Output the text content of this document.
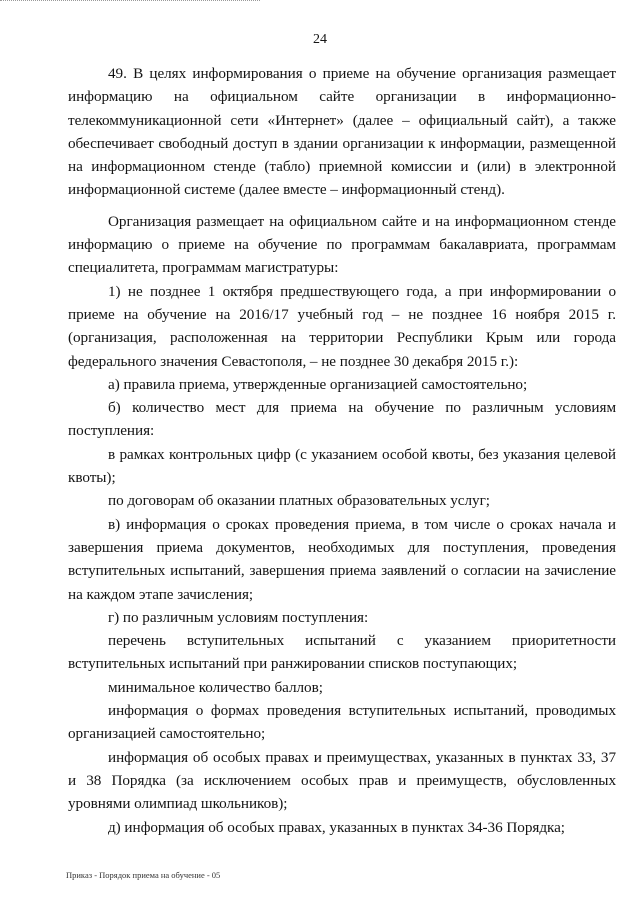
24

49. В целях информирования о приеме на обучение организация размещает информацию на официальном сайте организации в информационно-телекоммуникационной сети «Интернет» (далее – официальный сайт), а также обеспечивает свободный доступ в здании организации к информации, размещенной на информационном стенде (табло) приемной комиссии и (или) в электронной информационной системе (далее вместе – информационный стенд).

Организация размещает на официальном сайте и на информационном стенде информацию о приеме на обучение по программам бакалавриата, программам специалитета, программам магистратуры:

1) не позднее 1 октября предшествующего года, а при информировании о приеме на обучение на 2016/17 учебный год – не позднее 16 ноября 2015 г. (организация, расположенная на территории Республики Крым или города федерального значения Севастополя, – не позднее 30 декабря 2015 г.):

а) правила приема, утвержденные организацией самостоятельно;

б) количество мест для приема на обучение по различным условиям поступления:

в рамках контрольных цифр (с указанием особой квоты, без указания целевой квоты);

по договорам об оказании платных образовательных услуг;

в) информация о сроках проведения приема, в том числе о сроках начала и завершения приема документов, необходимых для поступления, проведения вступительных испытаний, завершения приема заявлений о согласии на зачисление на каждом этапе зачисления;

г) по различным условиям поступления:

перечень вступительных испытаний с указанием приоритетности вступительных испытаний при ранжировании списков поступающих;

минимальное количество баллов;

информация о формах проведения вступительных испытаний, проводимых организацией самостоятельно;

информация об особых правах и преимуществах, указанных в пунктах 33, 37 и 38 Порядка (за исключением особых прав и преимуществ, обусловленных уровнями олимпиад школьников);

д) информация об особых правах, указанных в пунктах 34-36 Порядка;

Приказ - Порядок приема на обучение - 05
